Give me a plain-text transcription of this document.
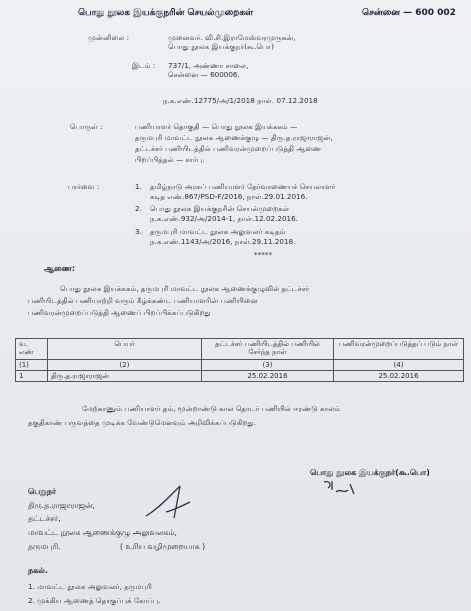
பொது நூலக இயக்குநரின் செயல்முறைகள்	சென்னை — 600 002
முன்னிலை :	முனைவர். வி.சி.இராமேஸ்வரமுருகன்,
பொது நூலக இயக்குநர்(கூ.பொ)
இடம் : 737/1, அண்ணா சாலை,
சென்னை — 600006.
ந.க.எண்.12775/அ/1/2018 நாள். 07.12.2018
பொருள் :	பணியாளர் தொகுதி — பொது நூலக இயக்ககம் —
தருமபுரி மாவட்ட நூலக ஆணைக்குழு — திரு.த.ராஜாராஜன்,
தட்டச்சர் பணியிடத்தில் பணிவரன்முறைப்படுத்தி ஆணை
பிறப்பித்தல் — சார்பு.
பார்வை :	1. தமிழ்நாடு அரசுப் பணியாளர் தேர்வாணையச் செயலாளர்
கடித எண்.867/PSD-F/2016, நாள்.29.01.2016.
2. பொது நூலக இயக்குநரின் செயல்முறைகள்
ந.க.எண்.932/அ/2014-1, நாள்.12.02.2016.
3. தருமபுரி மாவட்ட நூலக அலுவலர் கடிதம்
ந.க.எண்.1143/அ/2016, நாள்.29.11.2018.
*****
ஆணை:
பொது நூலக இயக்ககம், தருமபுரி மாவட்ட நூலக ஆணைக்குழுவில் தட்டச்சர்
பணியிடத்தில் பணியாற்றி வரும் கீழ்க்கண்ட பணியாளரின் பணியினை
பணிவரன்முறைப்படுத்தி ஆணைப் பிறப்பிக்கப்படுகிறது
வ. எண்	பெயர்	தட்டச்சர் பணியிடத்தில் பணியில் சேர்ந்த நாள்	பணிவரன்முறைப்படுத்தப் படும் நாள்
(1)	(2)	(3)	(4)
1	திரு.த.ராஜாராஜன்	25.02.2016	25.02.2016
மேற்காணும் பணியாளர் தம், மூன்றாண்டு கால தொடர் பணியில் ஈரண்டு காலம்
தகுதிகாண் பருவத்தை முடிக்க வேண்டுமெனவும் அறிவிக்கப்படுகிறது.
பொது நூலக இயக்குநர்(கூ.பொ)
பெறுநர்
திரு.த.ராஜாராஜன்,
தட்டச்சர்,
மாவட்ட நூலக ஆணைக்குழு அலுவலகம்,
தருமபுரி.	( உரிய வழிமுறையாக )
நகல்.
1. மாவட்ட நூலக அலுவலர், தருமபுரி
2. முக்கிய ஆணைத் தொகுப்புக் கோப்பு.
